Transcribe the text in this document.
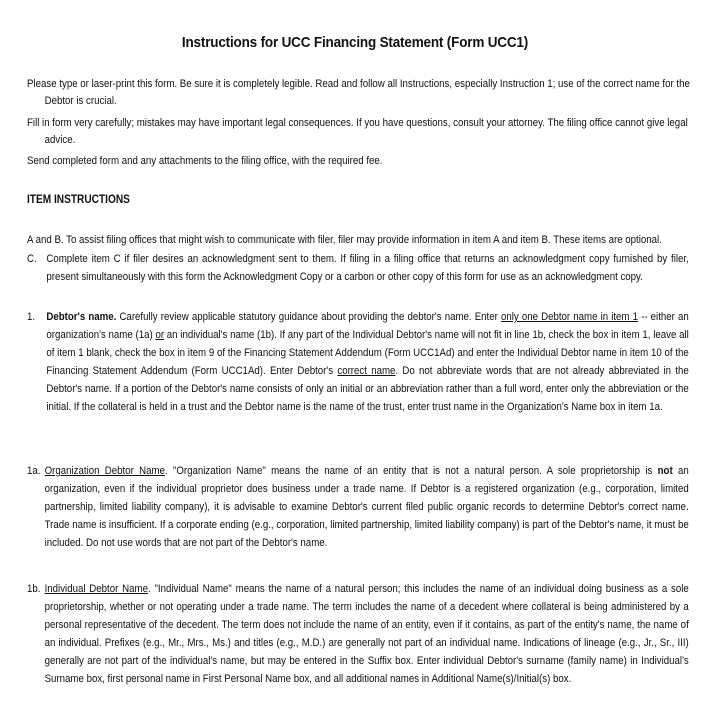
Instructions for UCC Financing Statement (Form UCC1)
Please type or laser-print this form. Be sure it is completely legible. Read and follow all Instructions, especially Instruction 1; use of the correct name for the Debtor is crucial.
Fill in form very carefully; mistakes may have important legal consequences. If you have questions, consult your attorney. The filing office cannot give legal advice.
Send completed form and any attachments to the filing office, with the required fee.
ITEM INSTRUCTIONS
A and B. To assist filing offices that might wish to communicate with filer, filer may provide information in item A and item B. These items are optional.
C. Complete item C if filer desires an acknowledgment sent to them. If filing in a filing office that returns an acknowledgment copy furnished by filer, present simultaneously with this form the Acknowledgment Copy or a carbon or other copy of this form for use as an acknowledgment copy.
1. Debtor's name. Carefully review applicable statutory guidance about providing the debtor's name. Enter only one Debtor name in item 1 -- either an organization's name (1a) or an individual's name (1b). If any part of the Individual Debtor's name will not fit in line 1b, check the box in item 1, leave all of item 1 blank, check the box in item 9 of the Financing Statement Addendum (Form UCC1Ad) and enter the Individual Debtor name in item 10 of the Financing Statement Addendum (Form UCC1Ad). Enter Debtor's correct name. Do not abbreviate words that are not already abbreviated in the Debtor's name. If a portion of the Debtor's name consists of only an initial or an abbreviation rather than a full word, enter only the abbreviation or the initial. If the collateral is held in a trust and the Debtor name is the name of the trust, enter trust name in the Organization's Name box in item 1a.
1a. Organization Debtor Name. "Organization Name" means the name of an entity that is not a natural person. A sole proprietorship is not an organization, even if the individual proprietor does business under a trade name. If Debtor is a registered organization (e.g., corporation, limited partnership, limited liability company), it is advisable to examine Debtor's current filed public organic records to determine Debtor's correct name. Trade name is insufficient. If a corporate ending (e.g., corporation, limited partnership, limited liability company) is part of the Debtor's name, it must be included. Do not use words that are not part of the Debtor's name.
1b. Individual Debtor Name. "Individual Name" means the name of a natural person; this includes the name of an individual doing business as a sole proprietorship, whether or not operating under a trade name. The term includes the name of a decedent where collateral is being administered by a personal representative of the decedent. The term does not include the name of an entity, even if it contains, as part of the entity's name, the name of an individual. Prefixes (e.g., Mr., Mrs., Ms.) and titles (e.g., M.D.) are generally not part of an individual name. Indications of lineage (e.g., Jr., Sr., III) generally are not part of the individual's name, but may be entered in the Suffix box. Enter individual Debtor's surname (family name) in Individual's Surname box, first personal name in First Personal Name box, and all additional names in Additional Name(s)/Initial(s) box.
